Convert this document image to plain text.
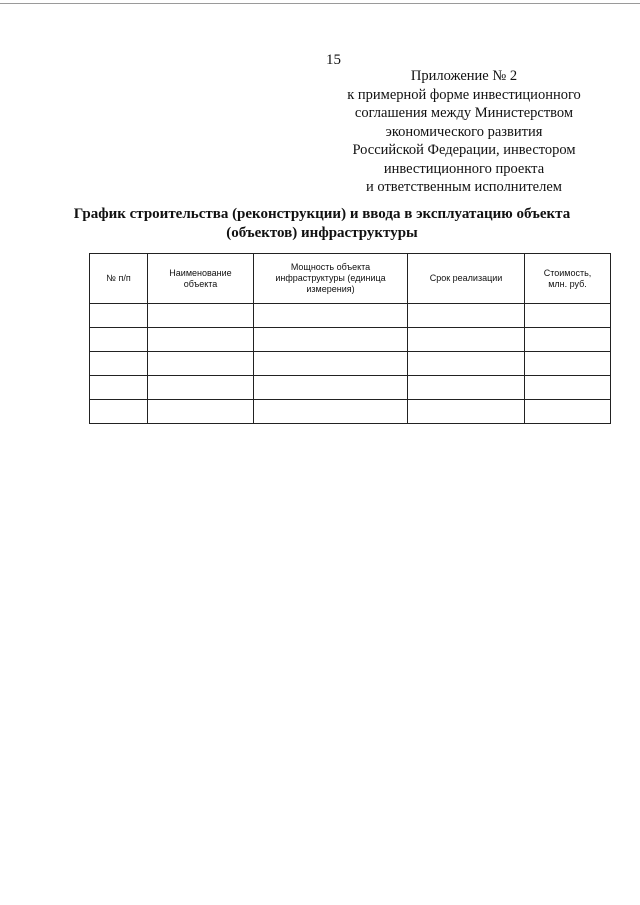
15
Приложение № 2
к примерной форме инвестиционного
соглашения между Министерством
экономического развития
Российской Федерации, инвестором
инвестиционного проекта
и ответственным исполнителем
График строительства (реконструкции) и ввода в эксплуатацию объекта
(объектов) инфраструктуры
№ п/п	Наименование объекта	Мощность объекта инфраструктуры (единица измерения)	Срок реализации	Стоимость, млн. руб.
